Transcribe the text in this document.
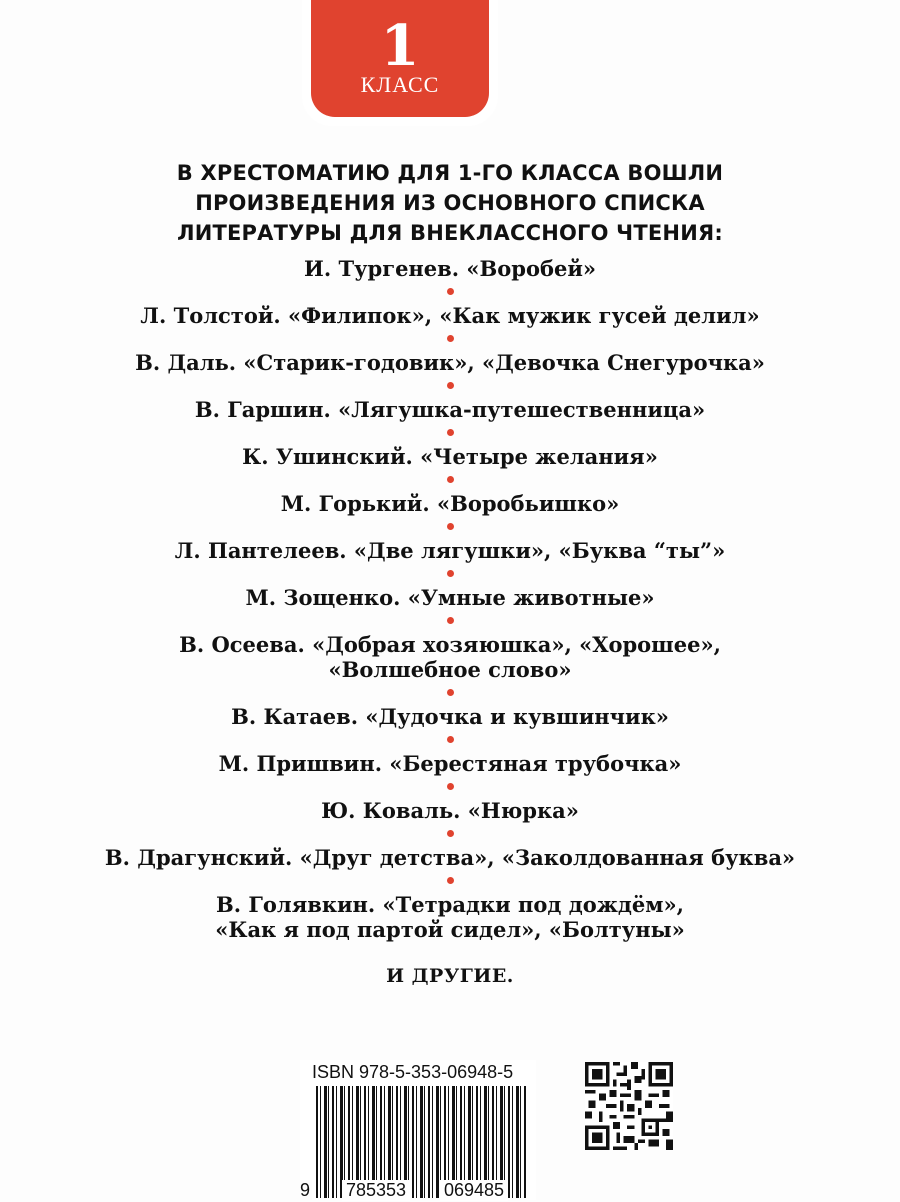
1
КЛАСС
В ХРЕСТОМАТИЮ ДЛЯ 1-ГО КЛАССА ВОШЛИ
ПРОИЗВЕДЕНИЯ ИЗ ОСНОВНОГО СПИСКА
ЛИТЕРАТУРЫ ДЛЯ ВНЕКЛАССНОГО ЧТЕНИЯ:
И. Тургенев. «Воробей»
Л. Толстой. «Филипок», «Как мужик гусей делил»
В. Даль. «Старик-годовик», «Девочка Снегурочка»
В. Гаршин. «Лягушка-путешественница»
К. Ушинский. «Четыре желания»
М. Горький. «Воробьишко»
Л. Пантелеев. «Две лягушки», «Буква “ты”»
М. Зощенко. «Умные животные»
В. Осеева. «Добрая хозяюшка», «Хорошее»,
«Волшебное слово»
В. Катаев. «Дудочка и кувшинчик»
М. Пришвин. «Берестяная трубочка»
Ю. Коваль. «Нюрка»
В. Драгунский. «Друг детства», «Заколдованная буква»
В. Голявкин. «Тетрадки под дождём»,
«Как я под партой сидел», «Болтуны»
И ДРУГИЕ.
ISBN 978-5-353-06948-5
9 785353 069485
